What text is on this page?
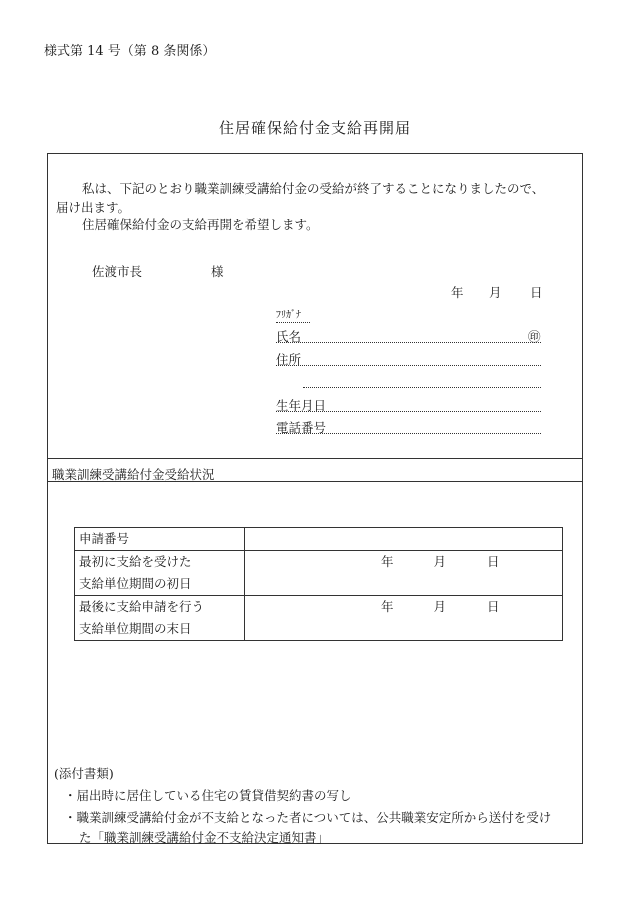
様式第 14 号（第 8 条関係）
住居確保給付金支給再開届
私は、下記のとおり職業訓練受講給付金の受給が終了することになりましたので、
届け出ます。
住居確保給付金の支給再開を希望します。
佐渡市長	様
年 月 日
ﾌﾘｶﾞﾅ
氏名	㊞
住所
生年月日
電話番号
職業訓練受講給付金受給状況
申請番号	

最初に支給を受けた
支給単位期間の初日	年 月 日

最後に支給申請を行う
支給単位期間の末日	年 月 日
(添付書類)
・届出時に居住している住宅の賃貸借契約書の写し
・職業訓練受講給付金が不支給となった者については、公共職業安定所から送付を受け
た「職業訓練受講給付金不支給決定通知書」
